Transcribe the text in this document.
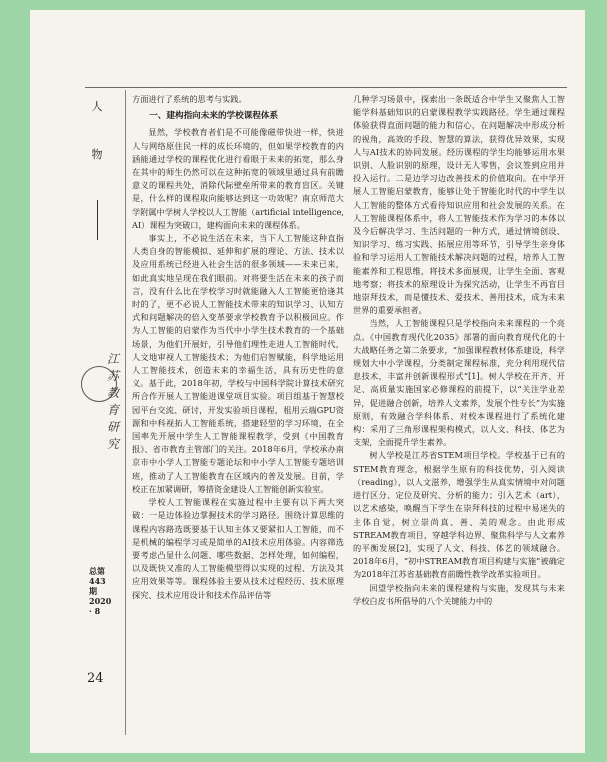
人
物
江苏教育研究
总第443期 2020 · 8
24

方面进行了系统的思考与实践。

一、建构指向未来的学校课程体系

显然，学校教育者们是不可能像磁带快进一样，快进人与网络原住民一样的成长环境的，但如果学校教育的内涵能通过学校的课程优化进行看眼于未来的拓宽，那么身在其中的师生仍然可以在这种拓宽的领域里通过具有前瞻意义的课程共处，消除代际壁垒所带来的教育盲区。关键是，什么样的课程取向能够达到这一功效呢？南京师范大学附属中学树人学校以人工智能（artificial intelligence, AI）课程为突破口，建构面向未来的课程体系。

事实上，不必说生活在未来，当下人工智能这种直指人类自身的智能模拟、延伸和扩展的理论、方法、技术以及应用系统已经进入社会生活的很多领域——未来已来，如此真实地呈现在我们眼前。对将要生活在未来的孩子而言，没有什么比在学校学习时就能融入人工智能更恰逢其时的了，更不必说人工智能技术带来的知识学习、认知方式和问题解决的倍入变革要求学校教育予以积极回应。作为人工智能的启蒙作为当代中小学生技术教育的一个基础场景，为他们开展好，引导他们理性走进人工智能时代，人文地审视人工智能技术；为他们启智赋能，科学地运用人工智能技术，创造未来的幸福生活，具有历史性的意义。基于此，2018年初，学校与中国科学院计算技术研究所合作开展人工智能进课堂项目实验。项目组基于智慧校园平台交流、研讨，开发实验项目课程，租用云端GPU资源和中科视拓人工智能系统，搭建轻型的学习环境，在全国率先开展中学生人工智能课程教学，受到《中国教育报》、省市教育主管部门的关注。2018年6月，学校承办南京市中小学人工智能专题论坛和中小学人工智能专题培训班，推动了人工智能教育在区域内的普及发展。目前，学校正在加紧调研，筹措资金建设人工智能创新实验室。

学校人工智能课程在实施过程中主要有以下两大突破：一是边体验边掌握技术的学习路径。围绕计算思维的课程内容路选既要基于认知主体又要紧扣人工智能，而不是机械的编程学习或是简单的AI技术应用体验。内容筛选要考虑凸显什么问题、哪些数据、怎样处理，如何编程，以及既快又准的人工智能模型得以实现的过程、方法及其应用效果等等。课程体验主要从技术过程经历、技术原理探究、技术应用设计和技术作品评估等

几种学习场景中，探索出一条既适合中学生又聚焦人工智能学科基础知识的启蒙课程教学实践路径。学生通过课程体验获得直面问题的能力和信心，在问题解决中形成分析的视角，高效的手段、智慧的算法，获得优异效果，实现人与AI技术的协同发展。经历课程的学生均能够运用水果识别、人脸识别的原理，设计无人零售，会议签到应用并投入运行。二是边学习边改善技术的价值取向。在中学开展人工智能启蒙教育，能够让处于智能化时代的中学生以人工智能的整体方式看待知识应用和社会发展的关系。在人工智能课程体系中，将人工智能技术作为学习的本体以及今后解决学习、生活问题的一种方式，通过情境创设、知识学习、练习实践、拓展应用等环节，引导学生亲身体验和学习运用人工智能技术解决问题的过程，培养人工智能素养和工程思维，将技术多面展现，让学生全面、客观地考察；将技术的原理设计为探究活动，让学生不再盲目地崇拜技术，而是懂技术、爱技术、善用技术，成为未来世界的重要承担者。

当然，人工智能课程只是学校指向未来课程的一个亮点。《中国教育现代化2035》部署的面向教育现代化的十大战略任务之第二条要求，“加强课程教材体系建设，科学规划大中小学课程，分类制定课程标准，充分利用现代信息技术，丰富并创新课程形式”[1]。树人学校在开齐、开足、高质量实施国家必修课程的前提下，以“关注学业差异，促进融合创新，培养人文素养，发展个性专长”为实施原则，有效融合学科体系、对校本课程进行了系统化建构：采用了三角形课程架构模式，以人文、科技、体艺为支架，全面提升学生素养。

树人学校是江苏省STEM项目学校。学校基于已有的STEM教育理念，根据学生原有的科技优势，引入阅读（reading），以人文滋养，增强学生从真实情境中对问题进行区分、定位及研究、分析的能力；引入艺术（art），以艺术感染，唤醒当下学生在崇拜科技的过程中易迷失的主体自觉，树立崇尚真、善、美的观念。由此形成STREAM教育项目，穿越学科边界、聚焦科学与人文素养的平衡发展[2]，实现了人文、科技、体艺的领域融合。2018年6月，“初中STREAM教育项目构建与实施”被确定为2018年江苏省基础教育前瞻性教学改革实验项目。

回望学校指向未来的课程建构与实施，发现其与未来学校白皮书所倡导的八个关键能力中的
